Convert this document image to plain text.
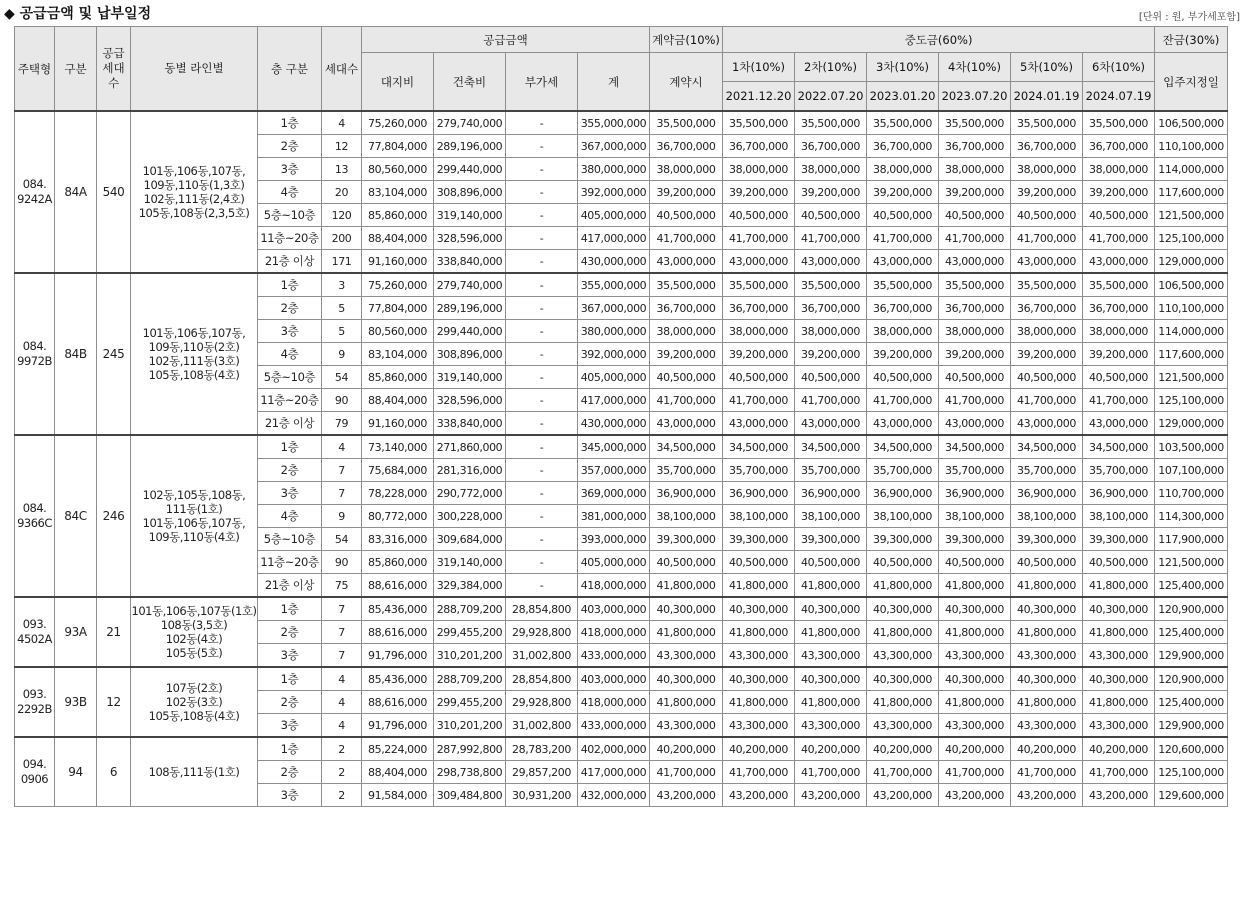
◆ 공급금액 및 납부일정	[단위 : 원, 부가세포함]
주택형	구분	공급 세대수	동별 라인별	층 구분	세대수	공급금액				계약금(10%)	중도금(60%)						잔금(30%)
						대지비	건축비	부가세	계	계약시	1차(10%)	2차(10%)	3차(10%)	4차(10%)	5차(10%)	6차(10%)	입주지정일
											2021.12.20	2022.07.20	2023.01.20	2023.07.20	2024.01.19	2024.07.19	
084.
9242A	84A	540	101동,106동,107동,
109동,110동(1,3호)
102동,111동(2,4호)
105동,108동(2,3,5호)	1층	4	75,260,000	279,740,000	-	355,000,000	35,500,000	35,500,000	35,500,000	35,500,000	35,500,000	35,500,000	35,500,000	106,500,000
				2층	12	77,804,000	289,196,000	-	367,000,000	36,700,000	36,700,000	36,700,000	36,700,000	36,700,000	36,700,000	36,700,000	110,100,000
				3층	13	80,560,000	299,440,000	-	380,000,000	38,000,000	38,000,000	38,000,000	38,000,000	38,000,000	38,000,000	38,000,000	114,000,000
				4층	20	83,104,000	308,896,000	-	392,000,000	39,200,000	39,200,000	39,200,000	39,200,000	39,200,000	39,200,000	39,200,000	117,600,000
				5층~10층	120	85,860,000	319,140,000	-	405,000,000	40,500,000	40,500,000	40,500,000	40,500,000	40,500,000	40,500,000	40,500,000	121,500,000
				11층~20층	200	88,404,000	328,596,000	-	417,000,000	41,700,000	41,700,000	41,700,000	41,700,000	41,700,000	41,700,000	41,700,000	125,100,000
				21층 이상	171	91,160,000	338,840,000	-	430,000,000	43,000,000	43,000,000	43,000,000	43,000,000	43,000,000	43,000,000	43,000,000	129,000,000
084.
9972B	84B	245	101동,106동,107동,
109동,110동(2호)
102동,111동(3호)
105동,108동(4호)	1층	3	75,260,000	279,740,000	-	355,000,000	35,500,000	35,500,000	35,500,000	35,500,000	35,500,000	35,500,000	35,500,000	106,500,000
				2층	5	77,804,000	289,196,000	-	367,000,000	36,700,000	36,700,000	36,700,000	36,700,000	36,700,000	36,700,000	36,700,000	110,100,000
				3층	5	80,560,000	299,440,000	-	380,000,000	38,000,000	38,000,000	38,000,000	38,000,000	38,000,000	38,000,000	38,000,000	114,000,000
				4층	9	83,104,000	308,896,000	-	392,000,000	39,200,000	39,200,000	39,200,000	39,200,000	39,200,000	39,200,000	39,200,000	117,600,000
				5층~10층	54	85,860,000	319,140,000	-	405,000,000	40,500,000	40,500,000	40,500,000	40,500,000	40,500,000	40,500,000	40,500,000	121,500,000
				11층~20층	90	88,404,000	328,596,000	-	417,000,000	41,700,000	41,700,000	41,700,000	41,700,000	41,700,000	41,700,000	41,700,000	125,100,000
				21층 이상	79	91,160,000	338,840,000	-	430,000,000	43,000,000	43,000,000	43,000,000	43,000,000	43,000,000	43,000,000	43,000,000	129,000,000
084.
9366C	84C	246	102동,105동,108동,
111동(1호)
101동,106동,107동,
109동,110동(4호)	1층	4	73,140,000	271,860,000	-	345,000,000	34,500,000	34,500,000	34,500,000	34,500,000	34,500,000	34,500,000	34,500,000	103,500,000
				2층	7	75,684,000	281,316,000	-	357,000,000	35,700,000	35,700,000	35,700,000	35,700,000	35,700,000	35,700,000	35,700,000	107,100,000
				3층	7	78,228,000	290,772,000	-	369,000,000	36,900,000	36,900,000	36,900,000	36,900,000	36,900,000	36,900,000	36,900,000	110,700,000
				4층	9	80,772,000	300,228,000	-	381,000,000	38,100,000	38,100,000	38,100,000	38,100,000	38,100,000	38,100,000	38,100,000	114,300,000
				5층~10층	54	83,316,000	309,684,000	-	393,000,000	39,300,000	39,300,000	39,300,000	39,300,000	39,300,000	39,300,000	39,300,000	117,900,000
				11층~20층	90	85,860,000	319,140,000	-	405,000,000	40,500,000	40,500,000	40,500,000	40,500,000	40,500,000	40,500,000	40,500,000	121,500,000
				21층 이상	75	88,616,000	329,384,000	-	418,000,000	41,800,000	41,800,000	41,800,000	41,800,000	41,800,000	41,800,000	41,800,000	125,400,000
093.
4502A	93A	21	101동,106동,107동(1호)
108동(3,5호)
102동(4호)
105동(5호)	1층	7	85,436,000	288,709,200	28,854,800	403,000,000	40,300,000	40,300,000	40,300,000	40,300,000	40,300,000	40,300,000	40,300,000	120,900,000
				2층	7	88,616,000	299,455,200	29,928,800	418,000,000	41,800,000	41,800,000	41,800,000	41,800,000	41,800,000	41,800,000	41,800,000	125,400,000
				3층	7	91,796,000	310,201,200	31,002,800	433,000,000	43,300,000	43,300,000	43,300,000	43,300,000	43,300,000	43,300,000	43,300,000	129,900,000
093.
2292B	93B	12	107동(2호)
102동(3호)
105동,108동(4호)	1층	4	85,436,000	288,709,200	28,854,800	403,000,000	40,300,000	40,300,000	40,300,000	40,300,000	40,300,000	40,300,000	40,300,000	120,900,000
				2층	4	88,616,000	299,455,200	29,928,800	418,000,000	41,800,000	41,800,000	41,800,000	41,800,000	41,800,000	41,800,000	41,800,000	125,400,000
				3층	4	91,796,000	310,201,200	31,002,800	433,000,000	43,300,000	43,300,000	43,300,000	43,300,000	43,300,000	43,300,000	43,300,000	129,900,000
094.
0906	94	6	108동,111동(1호)	1층	2	85,224,000	287,992,800	28,783,200	402,000,000	40,200,000	40,200,000	40,200,000	40,200,000	40,200,000	40,200,000	40,200,000	120,600,000
				2층	2	88,404,000	298,738,800	29,857,200	417,000,000	41,700,000	41,700,000	41,700,000	41,700,000	41,700,000	41,700,000	41,700,000	125,100,000
				3층	2	91,584,000	309,484,800	30,931,200	432,000,000	43,200,000	43,200,000	43,200,000	43,200,000	43,200,000	43,200,000	43,200,000	129,600,000
